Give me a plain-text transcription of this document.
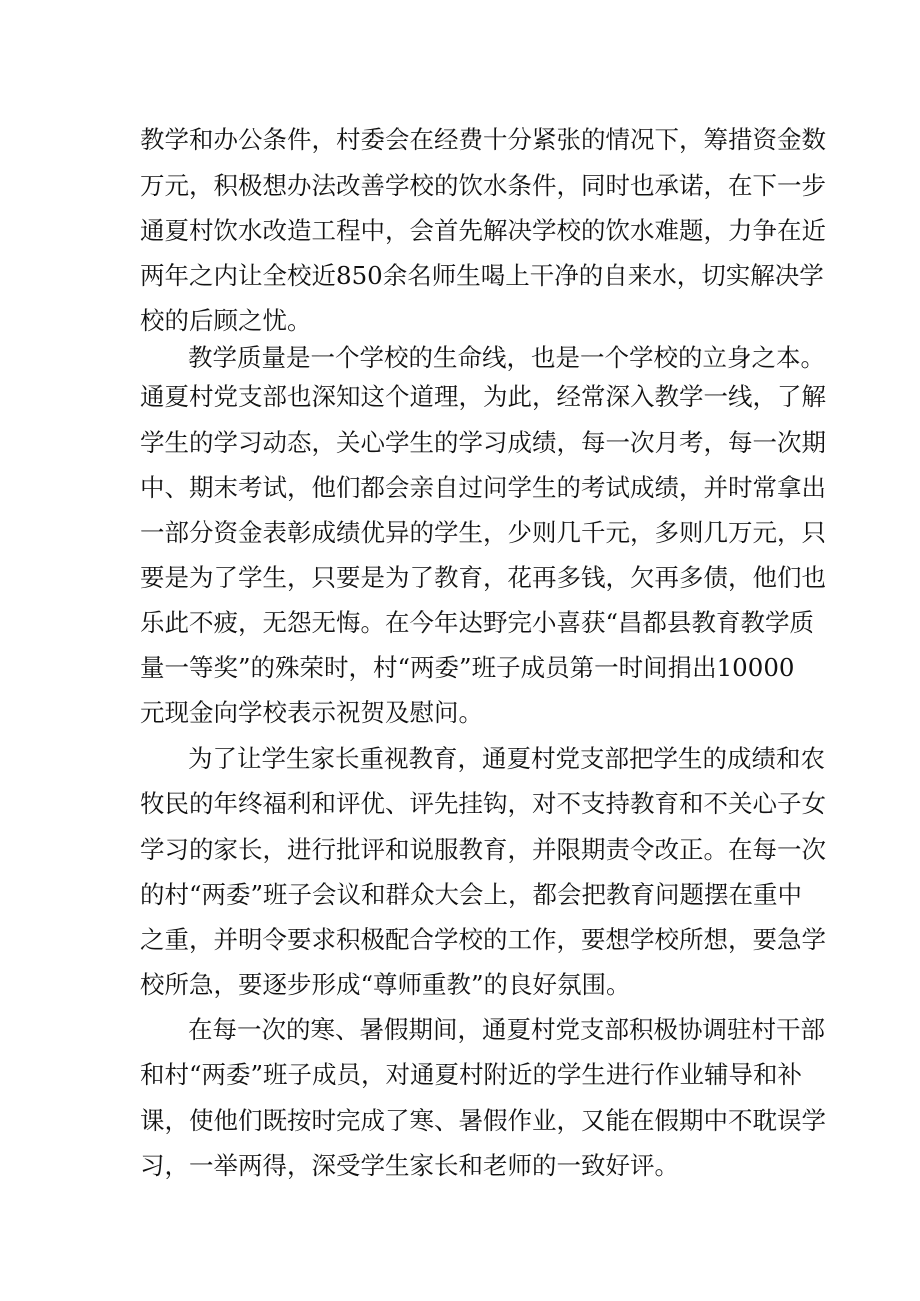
教学和办公条件，村委会在经费十分紧张的情况下，筹措资金数
万元，积极想办法改善学校的饮水条件，同时也承诺，在下一步
通夏村饮水改造工程中，会首先解决学校的饮水难题，力争在近
两年之内让全校近850余名师生喝上干净的自来水，切实解决学
校的后顾之忧。
教学质量是一个学校的生命线，也是一个学校的立身之本。
通夏村党支部也深知这个道理，为此，经常深入教学一线，了解
学生的学习动态，关心学生的学习成绩，每一次月考，每一次期
中、期末考试，他们都会亲自过问学生的考试成绩，并时常拿出
一部分资金表彰成绩优异的学生，少则几千元，多则几万元，只
要是为了学生，只要是为了教育，花再多钱，欠再多债，他们也
乐此不疲，无怨无悔。在今年达野完小喜获“昌都县教育教学质
量一等奖”的殊荣时，村“两委”班子成员第一时间捐出10000
元现金向学校表示祝贺及慰问。
为了让学生家长重视教育，通夏村党支部把学生的成绩和农
牧民的年终福利和评优、评先挂钩，对不支持教育和不关心子女
学习的家长，进行批评和说服教育，并限期责令改正。在每一次
的村“两委”班子会议和群众大会上，都会把教育问题摆在重中
之重，并明令要求积极配合学校的工作，要想学校所想，要急学
校所急，要逐步形成“尊师重教”的良好氛围。
在每一次的寒、暑假期间，通夏村党支部积极协调驻村干部
和村“两委”班子成员，对通夏村附近的学生进行作业辅导和补
课，使他们既按时完成了寒、暑假作业，又能在假期中不耽误学
习，一举两得，深受学生家长和老师的一致好评。
